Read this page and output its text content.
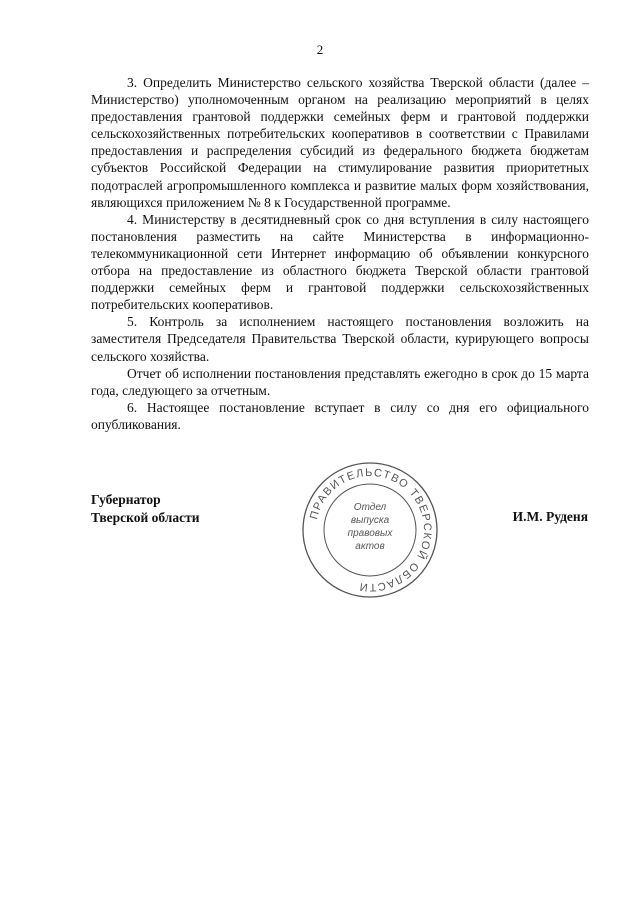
2

3. Определить Министерство сельского хозяйства Тверской области (далее – Министерство) уполномоченным органом на реализацию мероприятий в целях предоставления грантовой поддержки семейных ферм и грантовой поддержки сельскохозяйственных потребительских кооперативов в соответствии с Правилами предоставления и распределения субсидий из федерального бюджета бюджетам субъектов Российской Федерации на стимулирование развития приоритетных подотраслей агропромышленного комплекса и развитие малых форм хозяйствования, являющихся приложением № 8 к Государственной программе.

4. Министерству в десятидневный срок со дня вступления в силу настоящего постановления разместить на сайте Министерства в информационно-телекоммуникационной сети Интернет информацию об объявлении конкурсного отбора на предоставление из областного бюджета Тверской области грантовой поддержки семейных ферм и грантовой поддержки сельскохозяйственных потребительских кооперативов.

5. Контроль за исполнением настоящего постановления возложить на заместителя Председателя Правительства Тверской области, курирующего вопросы сельского хозяйства.

Отчет об исполнении постановления представлять ежегодно в срок до 15 марта года, следующего за отчетным.

6. Настоящее постановление вступает в силу со дня его официального опубликования.

Губернатор
Тверской области	ПРАВИТЕЛЬСТВО ТВЕРСКОЙ ОБЛАСТИ
Отдел
выпуска
правовых
актов
И.М. Руденя
